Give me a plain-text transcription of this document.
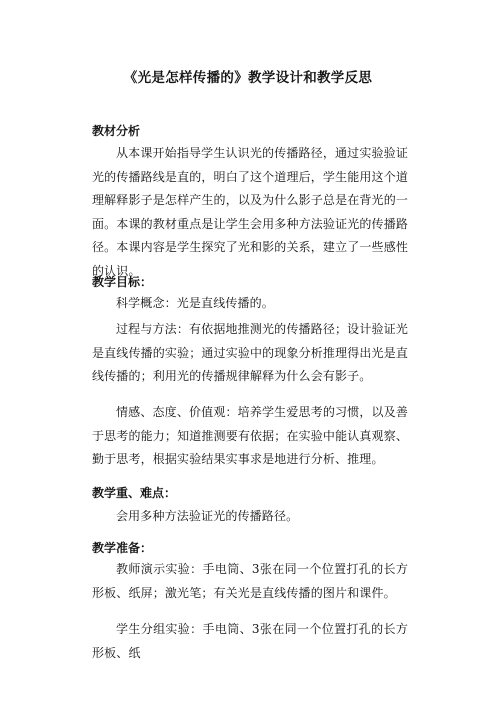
《光是怎样传播的》教学设计和教学反思
教材分析
从本课开始指导学生认识光的传播路径，通过实验验证光的传播路线是直的，明白了这个道理后，学生能用这个道理解释影子是怎样产生的，以及为什么影子总是在背光的一面。本课的教材重点是让学生会用多种方法验证光的传播路径。本课内容是学生探究了光和影的关系，建立了一些感性的认识。
教学目标：
科学概念：光是直线传播的。
过程与方法：有依据地推测光的传播路径；设计验证光是直线传播的实验；通过实验中的现象分析推理得出光是直线传播的；利用光的传播规律解释为什么会有影子。
情感、态度、价值观：培养学生爱思考的习惯，以及善于思考的能力；知道推测要有依据；在实验中能认真观察、勤于思考，根据实验结果实事求是地进行分析、推理。
教学重、难点：
会用多种方法验证光的传播路径。
教学准备：
教师演示实验：手电筒、3张在同一个位置打孔的长方形板、纸屏；激光笔；有关光是直线传播的图片和课件。
学生分组实验：手电筒、3张在同一个位置打孔的长方形板、纸
